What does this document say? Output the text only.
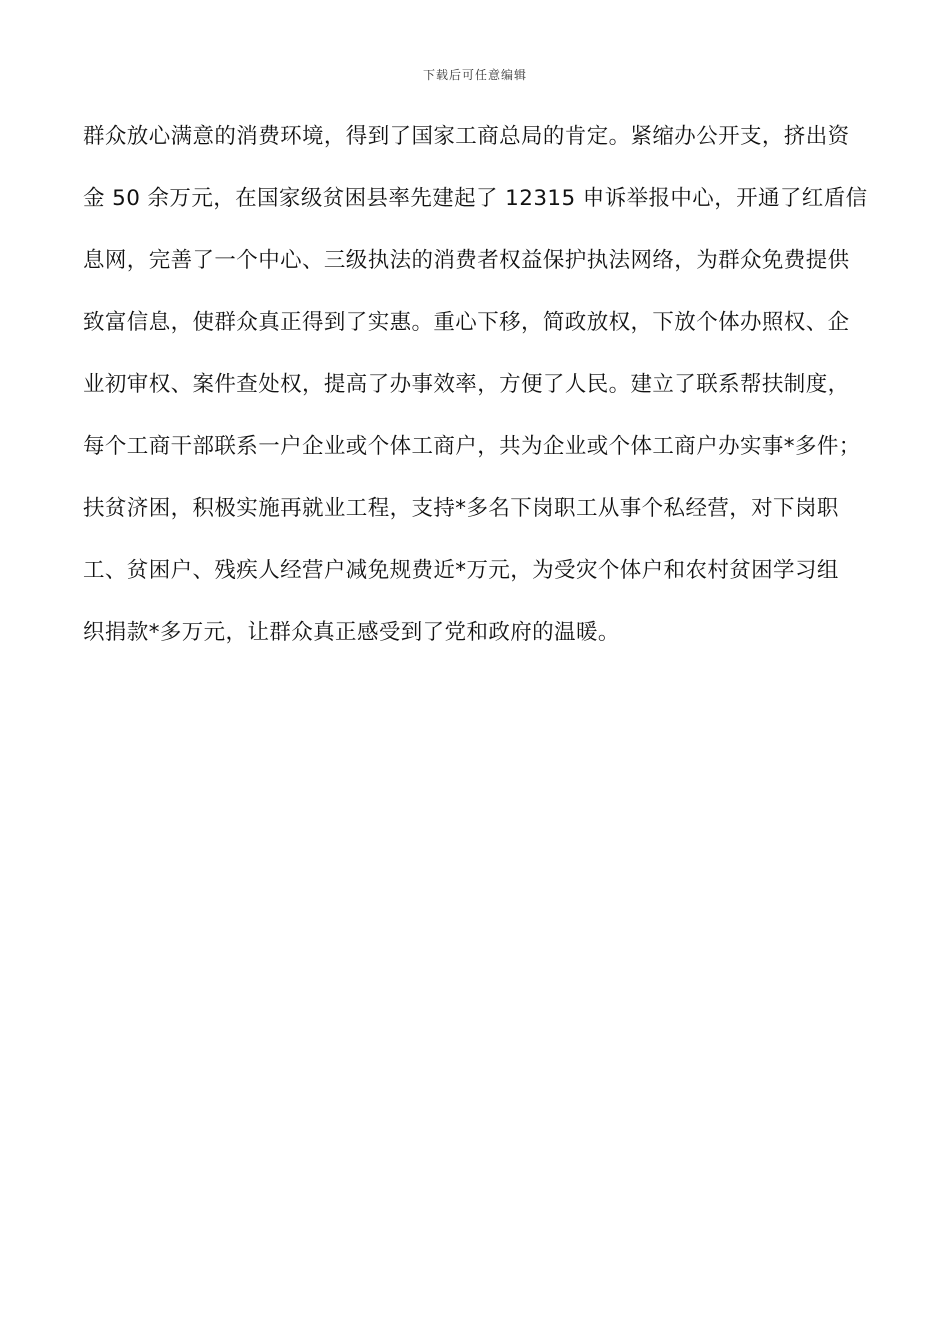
下载后可任意编辑
群众放心满意的消费环境，得到了国家工商总局的肯定。紧缩办公开支，挤出资
金 50 余万元，在国家级贫困县率先建起了 12315 申诉举报中心，开通了红盾信
息网，完善了一个中心、三级执法的消费者权益保护执法网络，为群众免费提供
致富信息，使群众真正得到了实惠。重心下移，简政放权，下放个体办照权、企
业初审权、案件查处权，提高了办事效率，方便了人民。建立了联系帮扶制度，
每个工商干部联系一户企业或个体工商户，共为企业或个体工商户办实事*多件；
扶贫济困，积极实施再就业工程，支持*多名下岗职工从事个私经营，对下岗职
工、贫困户、残疾人经营户减免规费近*万元，为受灾个体户和农村贫困学习组
织捐款*多万元，让群众真正感受到了党和政府的温暖。
